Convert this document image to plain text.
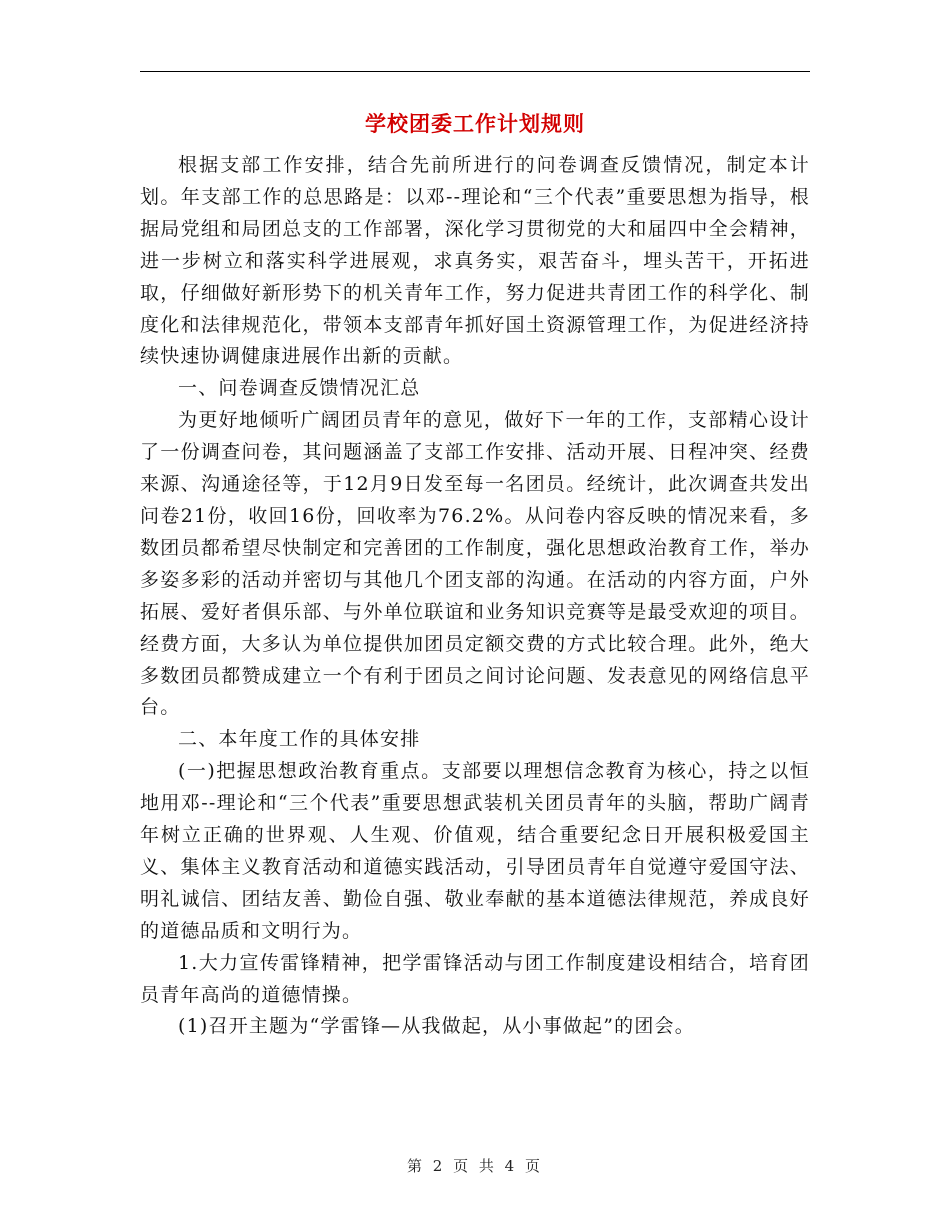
学校团委工作计划规则

根据支部工作安排，结合先前所进行的问卷调查反馈情况，制定本计划。年支部工作的总思路是：以邓--理论和“三个代表”重要思想为指导，根据局党组和局团总支的工作部署，深化学习贯彻党的大和届四中全会精神，进一步树立和落实科学进展观，求真务实，艰苦奋斗，埋头苦干，开拓进取，仔细做好新形势下的机关青年工作，努力促进共青团工作的科学化、制度化和法律规范化，带领本支部青年抓好国土资源管理工作，为促进经济持续快速协调健康进展作出新的贡献。

一、问卷调查反馈情况汇总

为更好地倾听广阔团员青年的意见，做好下一年的工作，支部精心设计了一份调查问卷，其问题涵盖了支部工作安排、活动开展、日程冲突、经费来源、沟通途径等，于12月9日发至每一名团员。经统计，此次调查共发出问卷21份，收回16份，回收率为76.2%。从问卷内容反映的情况来看，多数团员都希望尽快制定和完善团的工作制度，强化思想政治教育工作，举办多姿多彩的活动并密切与其他几个团支部的沟通。在活动的内容方面，户外拓展、爱好者俱乐部、与外单位联谊和业务知识竞赛等是最受欢迎的项目。经费方面，大多认为单位提供加团员定额交费的方式比较合理。此外，绝大多数团员都赞成建立一个有利于团员之间讨论问题、发表意见的网络信息平台。

二、本年度工作的具体安排

(一)把握思想政治教育重点。支部要以理想信念教育为核心，持之以恒地用邓--理论和“三个代表”重要思想武装机关团员青年的头脑，帮助广阔青年树立正确的世界观、人生观、价值观，结合重要纪念日开展积极爱国主义、集体主义教育活动和道德实践活动，引导团员青年自觉遵守爱国守法、明礼诚信、团结友善、勤俭自强、敬业奉献的基本道德法律规范，养成良好的道德品质和文明行为。

1.大力宣传雷锋精神，把学雷锋活动与团工作制度建设相结合，培育团员青年高尚的道德情操。

(1)召开主题为“学雷锋—从我做起，从小事做起”的团会。

第 2 页 共 4 页
